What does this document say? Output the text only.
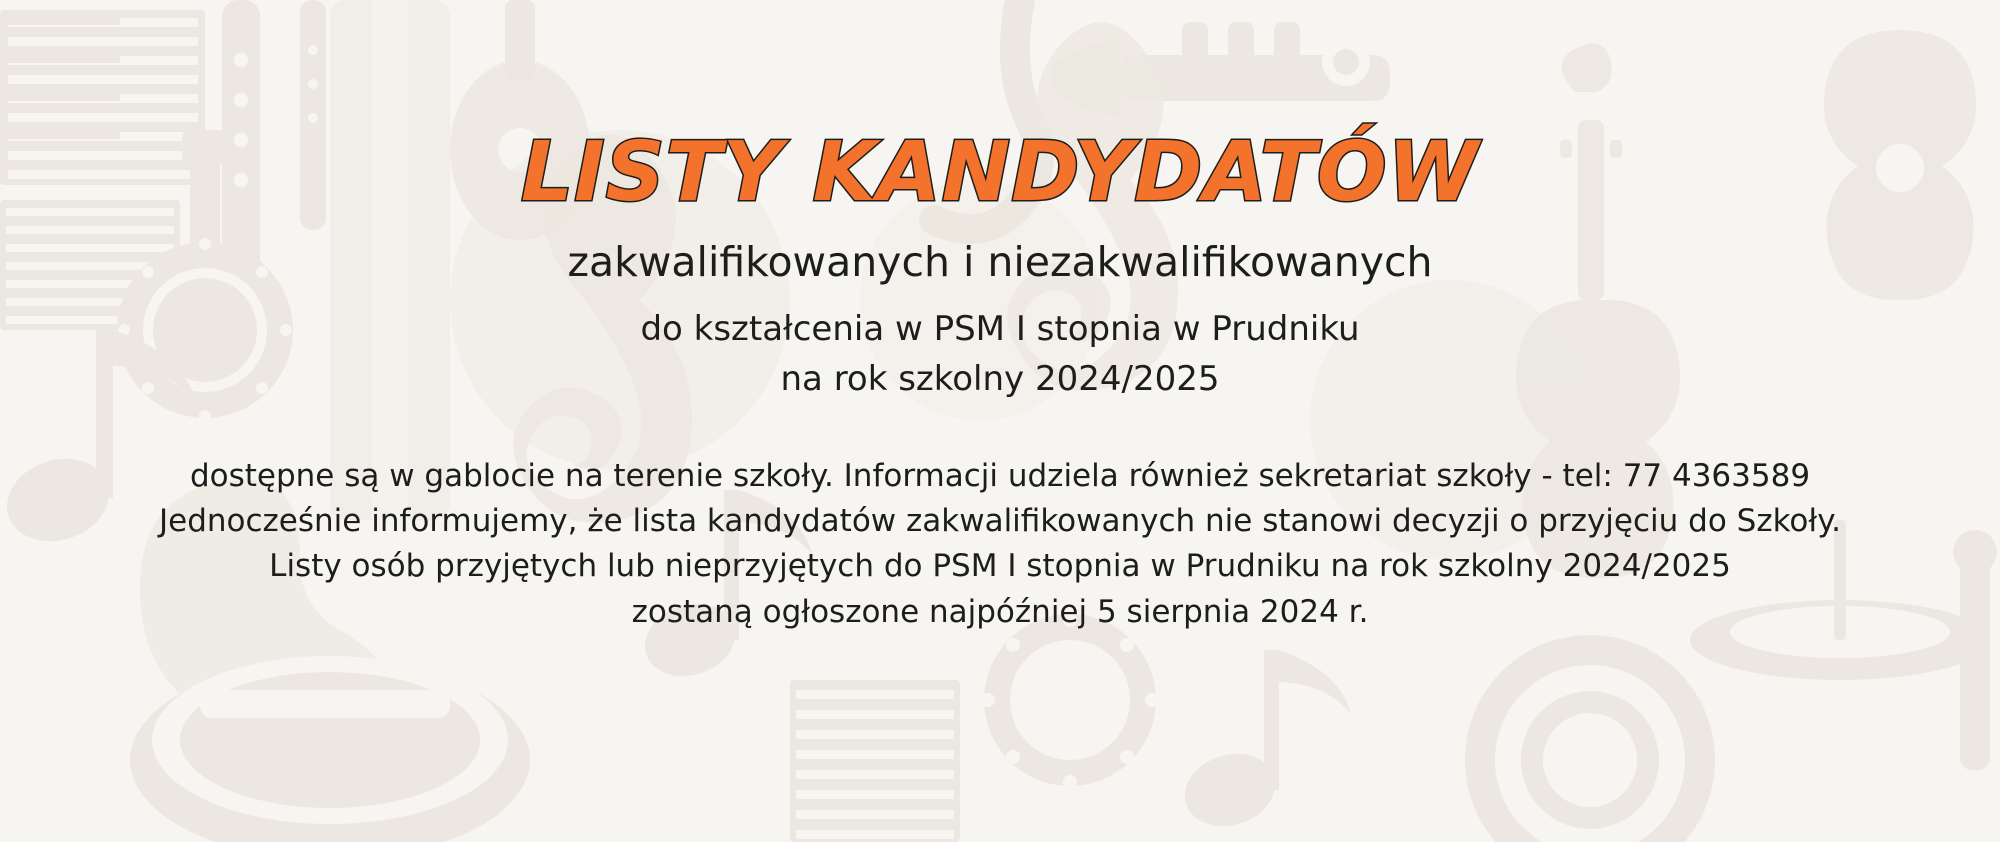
LISTY KANDYDATÓW
zakwalifikowanych i niezakwalifikowanych
do kształcenia w PSM I stopnia w Prudniku
na rok szkolny 2024/2025

dostępne są w gablocie na terenie szkoły. Informacji udziela również sekretariat szkoły - tel: 77 4363589

Jednocześnie informujemy, że lista kandydatów zakwalifikowanych nie stanowi decyzji o przyjęciu do Szkoły.

Listy osób przyjętych lub nieprzyjętych do PSM I stopnia w Prudniku na rok szkolny 2024/2025

zostaną ogłoszone najpóźniej 5 sierpnia 2024 r.
